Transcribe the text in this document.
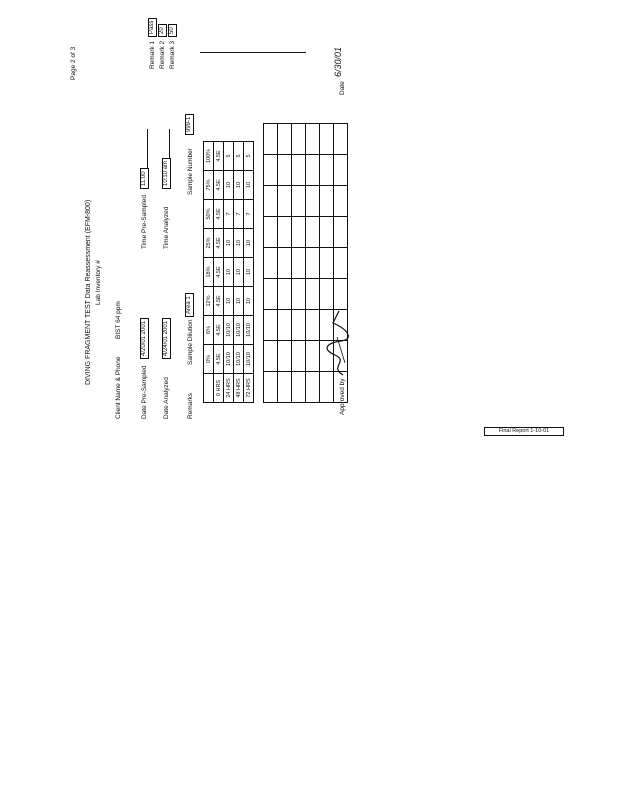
Page 2 of 3
DIVING FRAGMENT TEST Data Reassessment (EFM-800) Lab Inventory #
Client Name & Phone
BIST 64 ppm
Date Pre-Sampled
4/20/01 2001
Date Analyzed
4/24/01 2001
Time Pre-Sampled
11:00
Time Analyzed
10:10 am
Remark 1
Pass
Remark 2
20
Remark 3
50
Remarks
Sample Dilution
Area 1
Sample Number
999-1
	0%	6%	12%	18%	25%	50%	75%	100%
0 HRS	4.5E	4.5E	4.5E	4.5E	4.5E	4.5E	4.5E	4.5E
24 HRS	10/10	10/10	10	10	10	7	10	5
48 HRS	10/10	10/10	10	10	10	7	10	5
72 HRS	10/10	10/10	10	10	10	7	10	5

Approved by
Date
6/30/01
Final Report 1-10-01
